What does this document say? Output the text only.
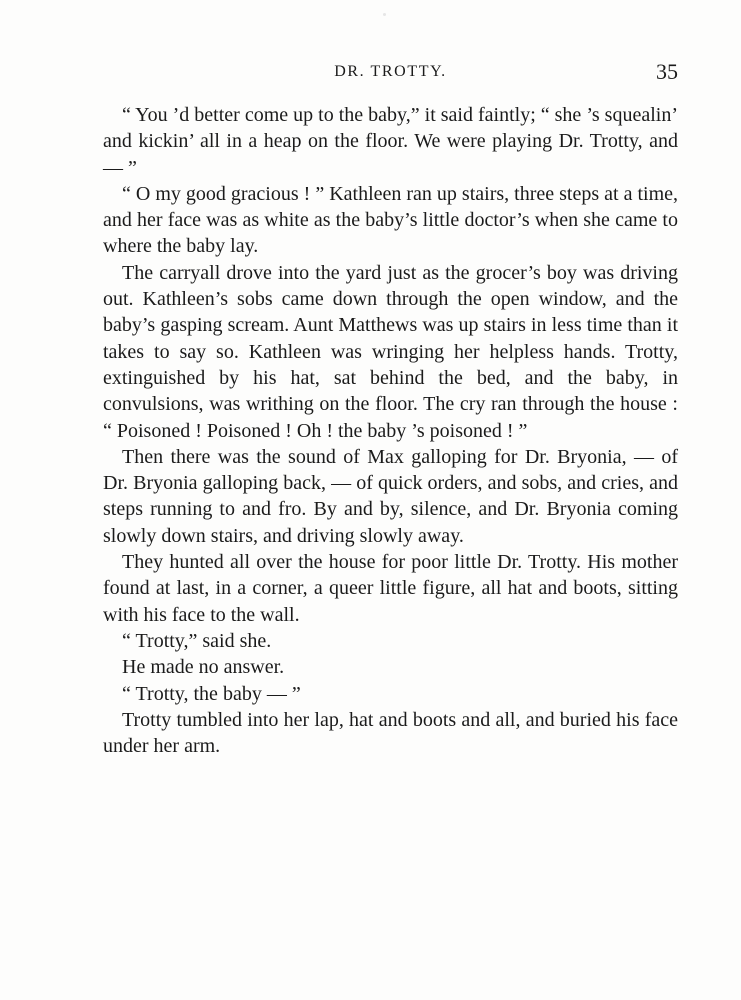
DR. TROTTY.	35

“ You ’d better come up to the baby,” it said faintly; “ she ’s squealin’ and kickin’ all in a heap on the floor. We were playing Dr. Trotty, and — ”

“ O my good gracious ! ” Kathleen ran up stairs, three steps at a time, and her face was as white as the baby’s little doctor’s when she came to where the baby lay.

The carryall drove into the yard just as the grocer’s boy was driving out. Kathleen’s sobs came down through the open window, and the baby’s gasping scream. Aunt Matthews was up stairs in less time than it takes to say so. Kathleen was wringing her helpless hands. Trotty, extinguished by his hat, sat behind the bed, and the baby, in convulsions, was writhing on the floor. The cry ran through the house : “ Poisoned ! Poisoned ! Oh ! the baby ’s poisoned ! ”

Then there was the sound of Max galloping for Dr. Bryonia, — of Dr. Bryonia galloping back, — of quick orders, and sobs, and cries, and steps running to and fro. By and by, silence, and Dr. Bryonia coming slowly down stairs, and driving slowly away.

They hunted all over the house for poor little Dr. Trotty. His mother found at last, in a corner, a queer little figure, all hat and boots, sitting with his face to the wall.

“ Trotty,” said she.

He made no answer.

“ Trotty, the baby — ”

Trotty tumbled into her lap, hat and boots and all, and buried his face under her arm.
